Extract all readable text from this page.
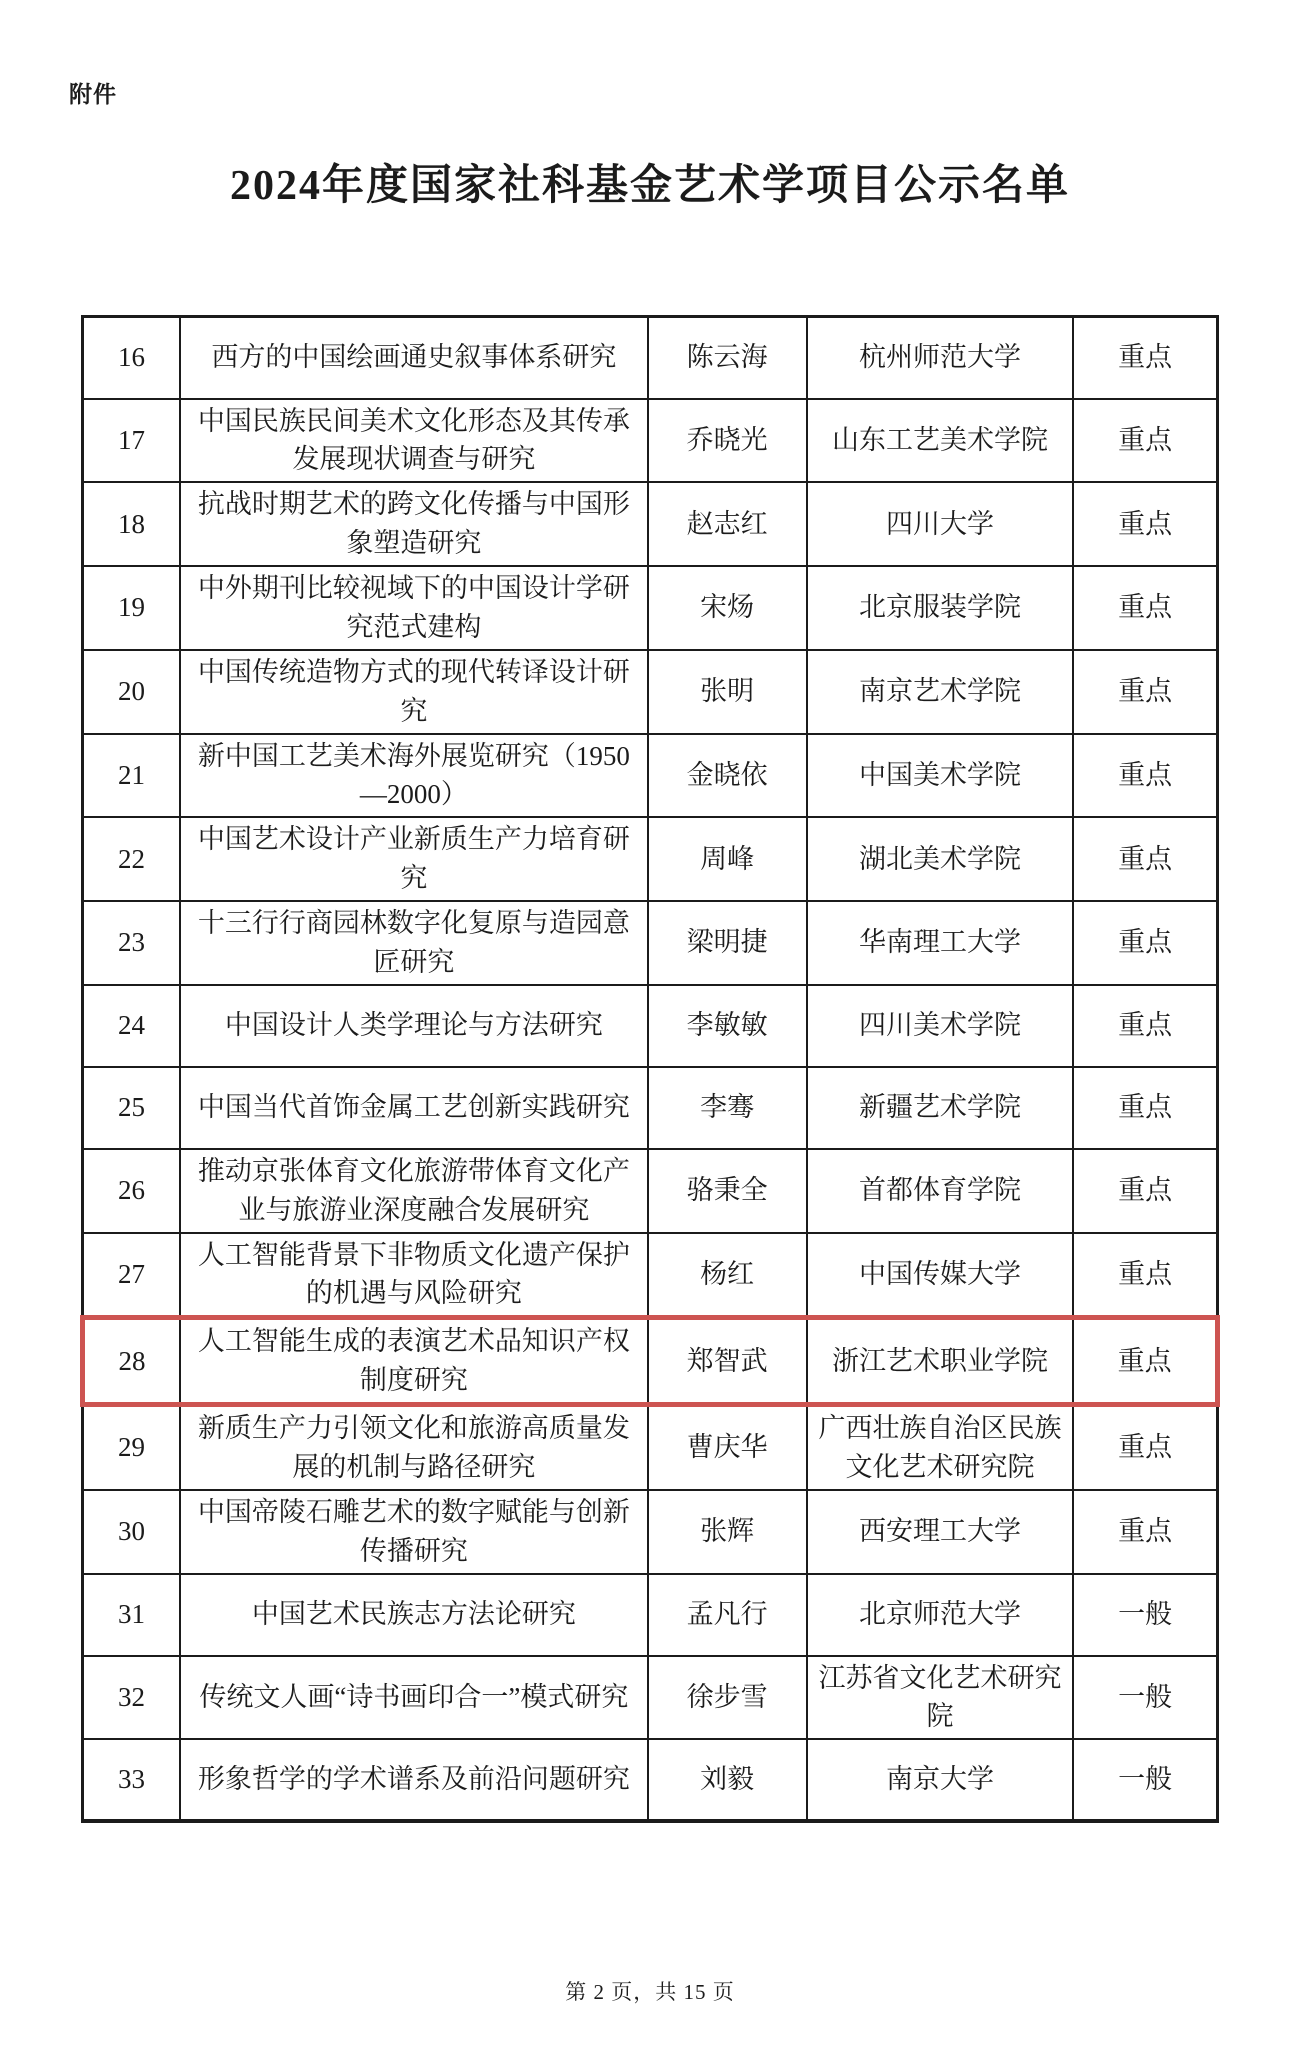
附件
2024年度国家社科基金艺术学项目公示名单
16	西方的中国绘画通史叙事体系研究	陈云海	杭州师范大学	重点
17	中国民族民间美术文化形态及其传承发展现状调查与研究	乔晓光	山东工艺美术学院	重点
18	抗战时期艺术的跨文化传播与中国形象塑造研究	赵志红	四川大学	重点
19	中外期刊比较视域下的中国设计学研究范式建构	宋炀	北京服装学院	重点
20	中国传统造物方式的现代转译设计研究	张明	南京艺术学院	重点
21	新中国工艺美术海外展览研究（1950—2000）	金晓依	中国美术学院	重点
22	中国艺术设计产业新质生产力培育研究	周峰	湖北美术学院	重点
23	十三行行商园林数字化复原与造园意匠研究	梁明捷	华南理工大学	重点
24	中国设计人类学理论与方法研究	李敏敏	四川美术学院	重点
25	中国当代首饰金属工艺创新实践研究	李骞	新疆艺术学院	重点
26	推动京张体育文化旅游带体育文化产业与旅游业深度融合发展研究	骆秉全	首都体育学院	重点
27	人工智能背景下非物质文化遗产保护的机遇与风险研究	杨红	中国传媒大学	重点
28	人工智能生成的表演艺术品知识产权制度研究	郑智武	浙江艺术职业学院	重点
29	新质生产力引领文化和旅游高质量发展的机制与路径研究	曹庆华	广西壮族自治区民族文化艺术研究院	重点
30	中国帝陵石雕艺术的数字赋能与创新传播研究	张辉	西安理工大学	重点
31	中国艺术民族志方法论研究	孟凡行	北京师范大学	一般
32	传统文人画“诗书画印合一”模式研究	徐步雪	江苏省文化艺术研究院	一般
33	形象哲学的学术谱系及前沿问题研究	刘毅	南京大学	一般
第 2 页，共 15 页
